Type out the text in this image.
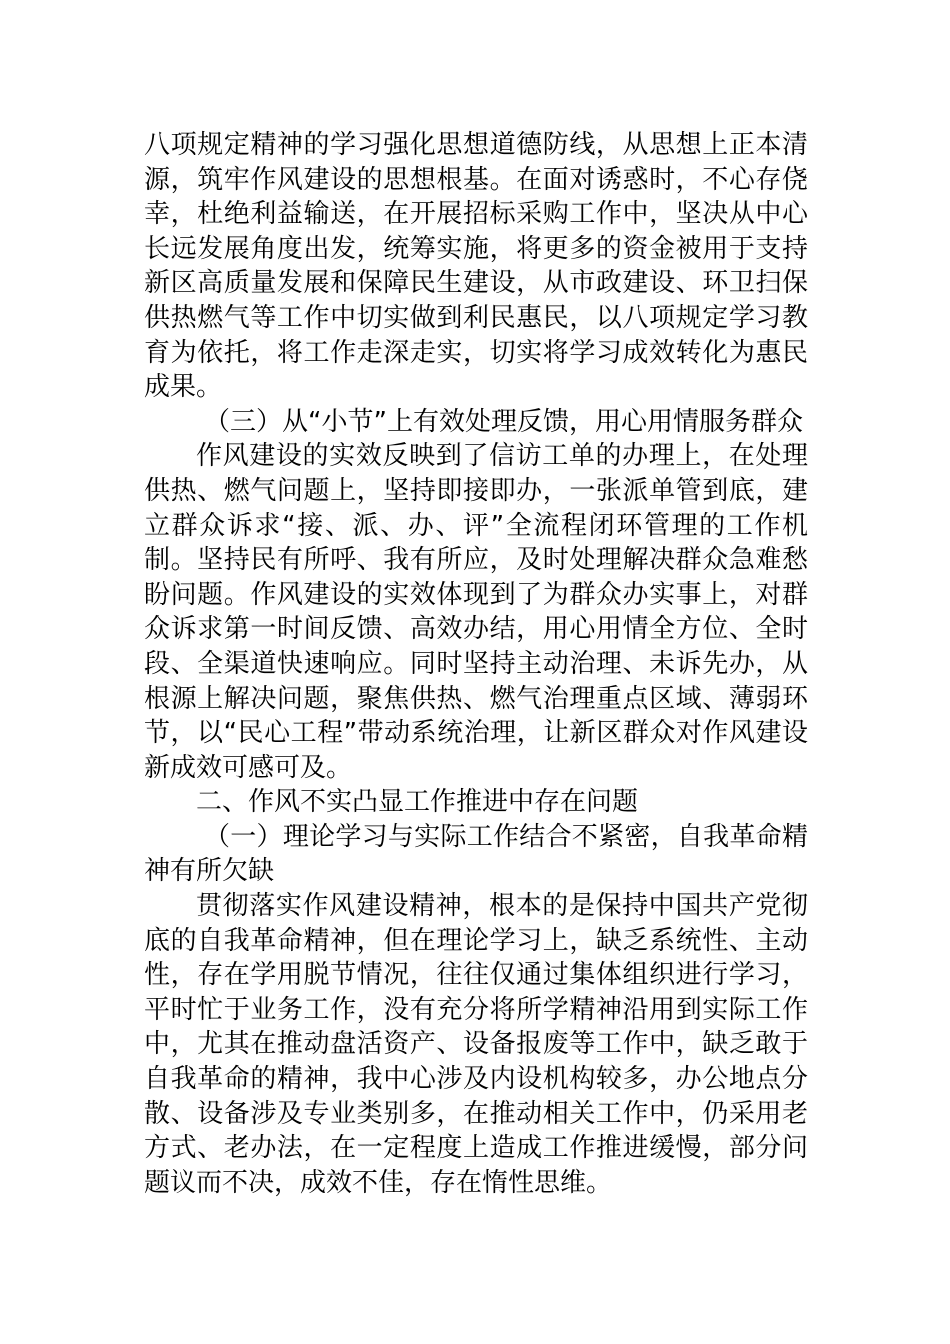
八项规定精神的学习强化思想道德防线，从思想上正本清源，筑牢作风建设的思想根基。在面对诱惑时，不心存侥幸，杜绝利益输送，在开展招标采购工作中，坚决从中心长远发展角度出发，统筹实施，将更多的资金被用于支持新区高质量发展和保障民生建设，从市政建设、环卫扫保供热燃气等工作中切实做到利民惠民，以八项规定学习教育为依托，将工作走深走实，切实将学习成效转化为惠民成果。

（三）从“小节”上有效处理反馈，用心用情服务群众

作风建设的实效反映到了信访工单的办理上，在处理供热、燃气问题上，坚持即接即办，一张派单管到底，建立群众诉求“接、派、办、评”全流程闭环管理的工作机制。坚持民有所呼、我有所应，及时处理解决群众急难愁盼问题。作风建设的实效体现到了为群众办实事上，对群众诉求第一时间反馈、高效办结，用心用情全方位、全时段、全渠道快速响应。同时坚持主动治理、未诉先办，从根源上解决问题，聚焦供热、燃气治理重点区域、薄弱环节，以“民心工程”带动系统治理，让新区群众对作风建设新成效可感可及。

二、作风不实凸显工作推进中存在问题

（一）理论学习与实际工作结合不紧密，自我革命精神有所欠缺

贯彻落实作风建设精神，根本的是保持中国共产党彻底的自我革命精神，但在理论学习上，缺乏系统性、主动性，存在学用脱节情况，往往仅通过集体组织进行学习，平时忙于业务工作，没有充分将所学精神沿用到实际工作中，尤其在推动盘活资产、设备报废等工作中，缺乏敢于自我革命的精神，我中心涉及内设机构较多，办公地点分散、设备涉及专业类别多，在推动相关工作中，仍采用老方式、老办法，在一定程度上造成工作推进缓慢，部分问题议而不决，成效不佳，存在惰性思维。
